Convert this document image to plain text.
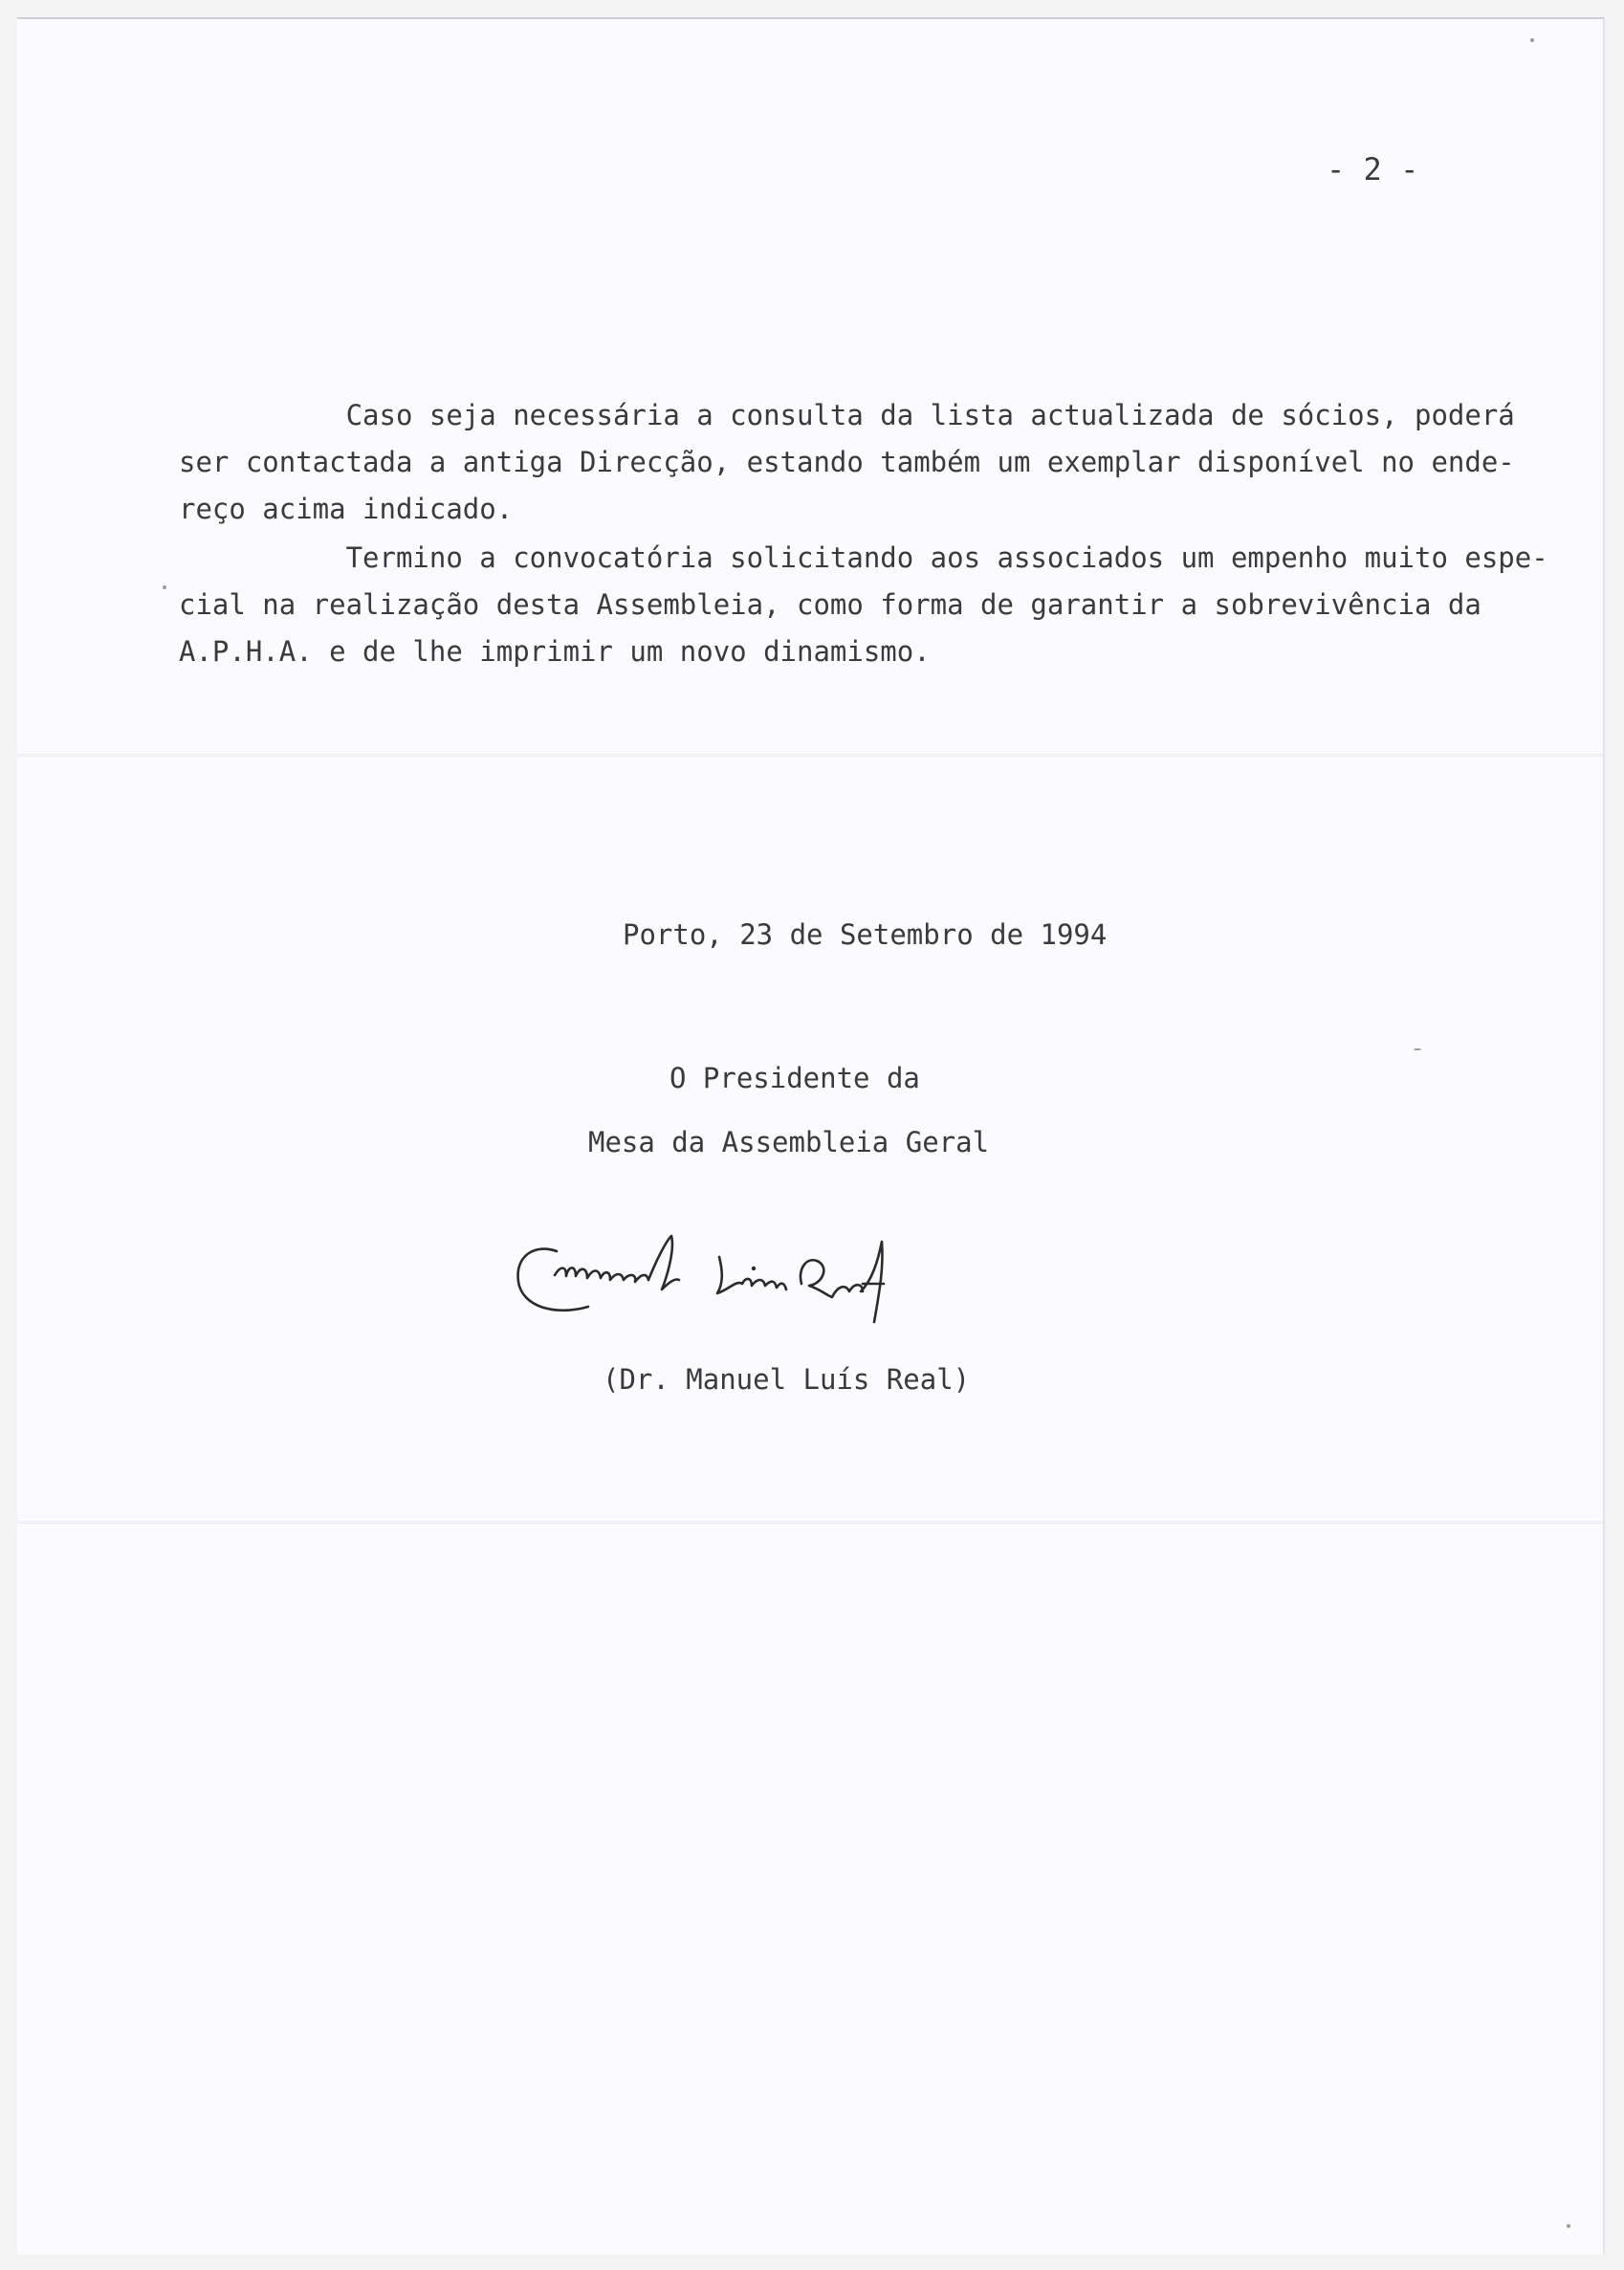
- 2 -
Caso seja necessária a consulta da lista actualizada de sócios, poderá
ser contactada a antiga Direcção, estando também um exemplar disponível no ende-
reço acima indicado.
Termino a convocatória solicitando aos associados um empenho muito espe-
cial na realização desta Assembleia, como forma de garantir a sobrevivência da
A.P.H.A. e de lhe imprimir um novo dinamismo.
Porto, 23 de Setembro de 1994
O Presidente da
Mesa da Assembleia Geral
(Dr. Manuel Luís Real)
